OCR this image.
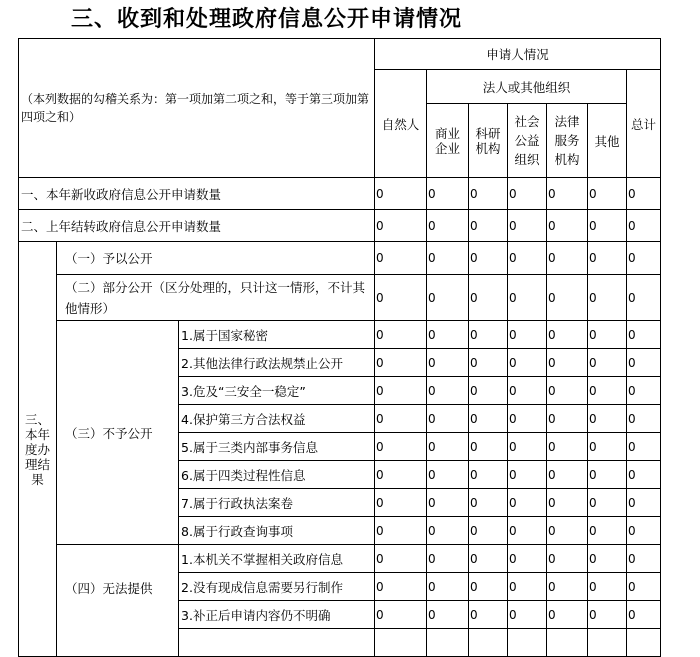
三、收到和处理政府信息公开申请情况
（本列数据的勾稽关系为：第一项加第二项之和，等于第三项加第四项之和）			申请人情况						
			自然人	法人或其他组织					总计
				商业企业	科研机构	社会公益组织	法律服务机构	其他	

一、本年新收政府信息公开申请数量			0	0	0	0	0	0	0
二、上年结转政府信息公开申请数量			0	0	0	0	0	0	0
三、本年度办理结果	（一）予以公开		0	0	0	0	0	0	0
	（二）部分公开（区分处理的，只计这一情形，不计其他情形）		0	0	0	0	0	0	0
	（三）不予公开	1.属于国家秘密	0	0	0	0	0	0	0
		2.其他法律行政法规禁止公开	0	0	0	0	0	0	0
		3.危及“三安全一稳定”	0	0	0	0	0	0	0
		4.保护第三方合法权益	0	0	0	0	0	0	0
		5.属于三类内部事务信息	0	0	0	0	0	0	0
		6.属于四类过程性信息	0	0	0	0	0	0	0
		7.属于行政执法案卷	0	0	0	0	0	0	0
		8.属于行政查询事项	0	0	0	0	0	0	0
	（四）无法提供	1.本机关不掌握相关政府信息	0	0	0	0	0	0	0
		2.没有现成信息需要另行制作	0	0	0	0	0	0	0
		3.补正后申请内容仍不明确	0	0	0	0	0	0	0
